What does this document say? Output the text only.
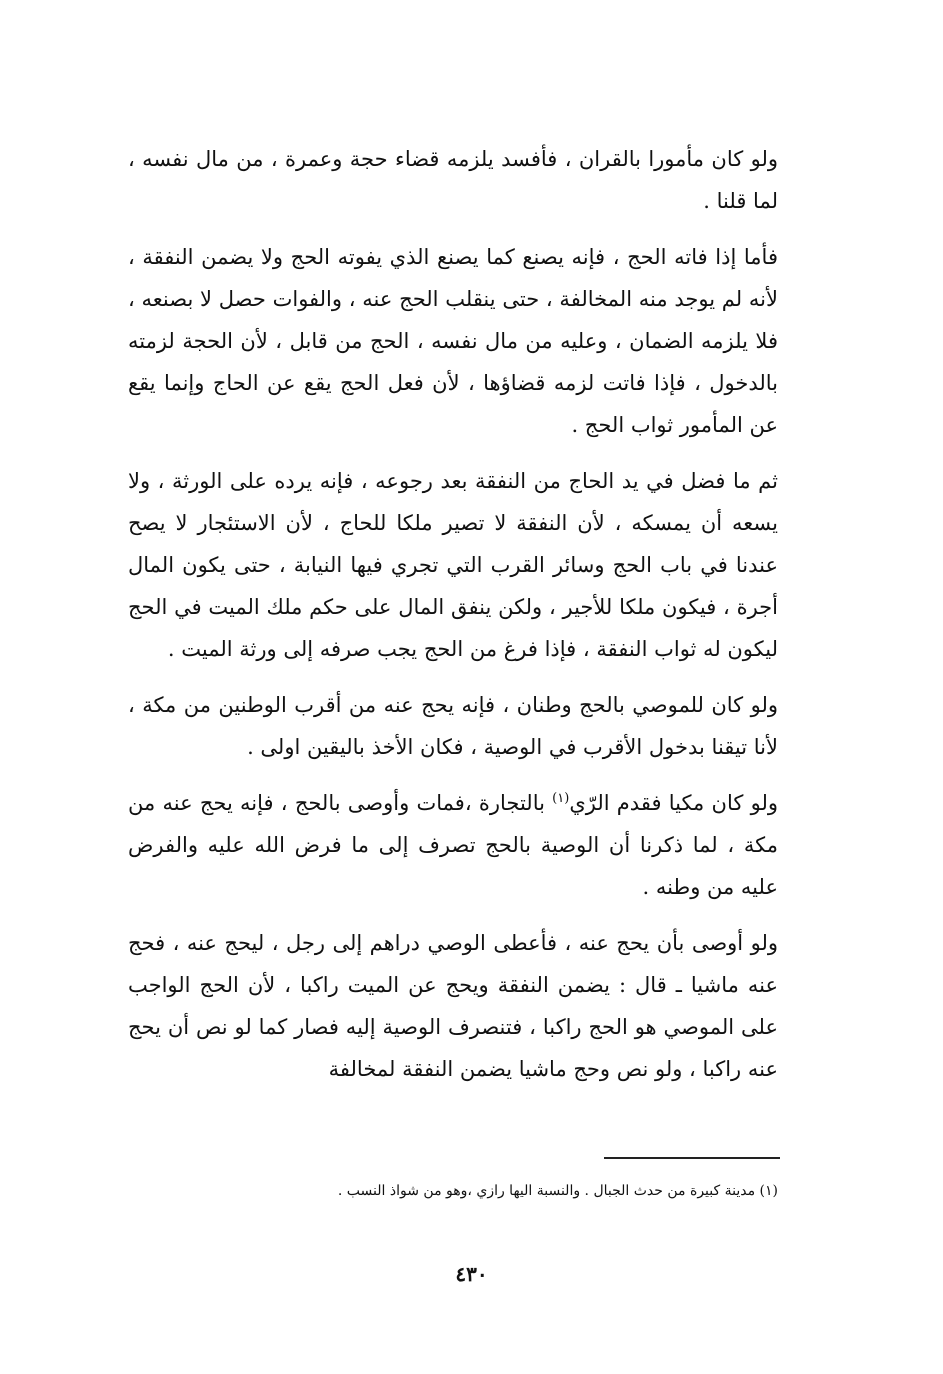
ولو كان مأمورا بالقران ، فأفسد يلزمه قضاء حجة وعمرة ، من مال نفسه ، لما قلنا .

فأما إذا فاته الحج ، فإنه يصنع كما يصنع الذي يفوته الحج ولا يضمن النفقة ، لأنه لم يوجد منه المخالفة ، حتى ينقلب الحج عنه ، والفوات حصل لا بصنعه ، فلا يلزمه الضمان ، وعليه من مال نفسه ، الحج من قابل ، لأن الحجة لزمته بالدخول ، فإذا فاتت لزمه قضاؤها ، لأن فعل الحج يقع عن الحاج وإنما يقع عن المأمور ثواب الحج .

ثم ما فضل في يد الحاج من النفقة بعد رجوعه ، فإنه يرده على الورثة ، ولا يسعه أن يمسكه ، لأن النفقة لا تصير ملكا للحاج ، لأن الاستئجار لا يصح عندنا في باب الحج وسائر القرب التي تجري فيها النيابة ، حتى يكون المال أجرة ، فيكون ملكا للأجير ، ولكن ينفق المال على حكم ملك الميت في الحج ليكون له ثواب النفقة ، فإذا فرغ من الحج يجب صرفه إلى ورثة الميت .

ولو كان للموصي بالحج وطنان ، فإنه يحج عنه من أقرب الوطنين من مكة ، لأنا تيقنا بدخول الأقرب في الوصية ، فكان الأخذ باليقين اولى .

ولو كان مكيا فقدم الرّي$^{(١)}$ بالتجارة ،فمات وأوصى بالحج ، فإنه يحج عنه من مكة ، لما ذكرنا أن الوصية بالحج تصرف إلى ما فرض الله عليه والفرض عليه من وطنه .

ولو أوصى بأن يحج عنه ، فأعطى الوصي دراهم إلى رجل ، ليحج عنه ، فحج عنه ماشيا ـ قال : يضمن النفقة ويحج عن الميت راكبا ، لأن الحج الواجب على الموصي هو الحج راكبا ، فتنصرف الوصية إليه فصار كما لو نص أن يحج عنه راكبا ، ولو نص وحج ماشيا يضمن النفقة لمخالفة

(١) مدينة كبيرة من حدث الجبال . والنسبة اليها رازي ،وهو من شواذ النسب .
٤٣٠
